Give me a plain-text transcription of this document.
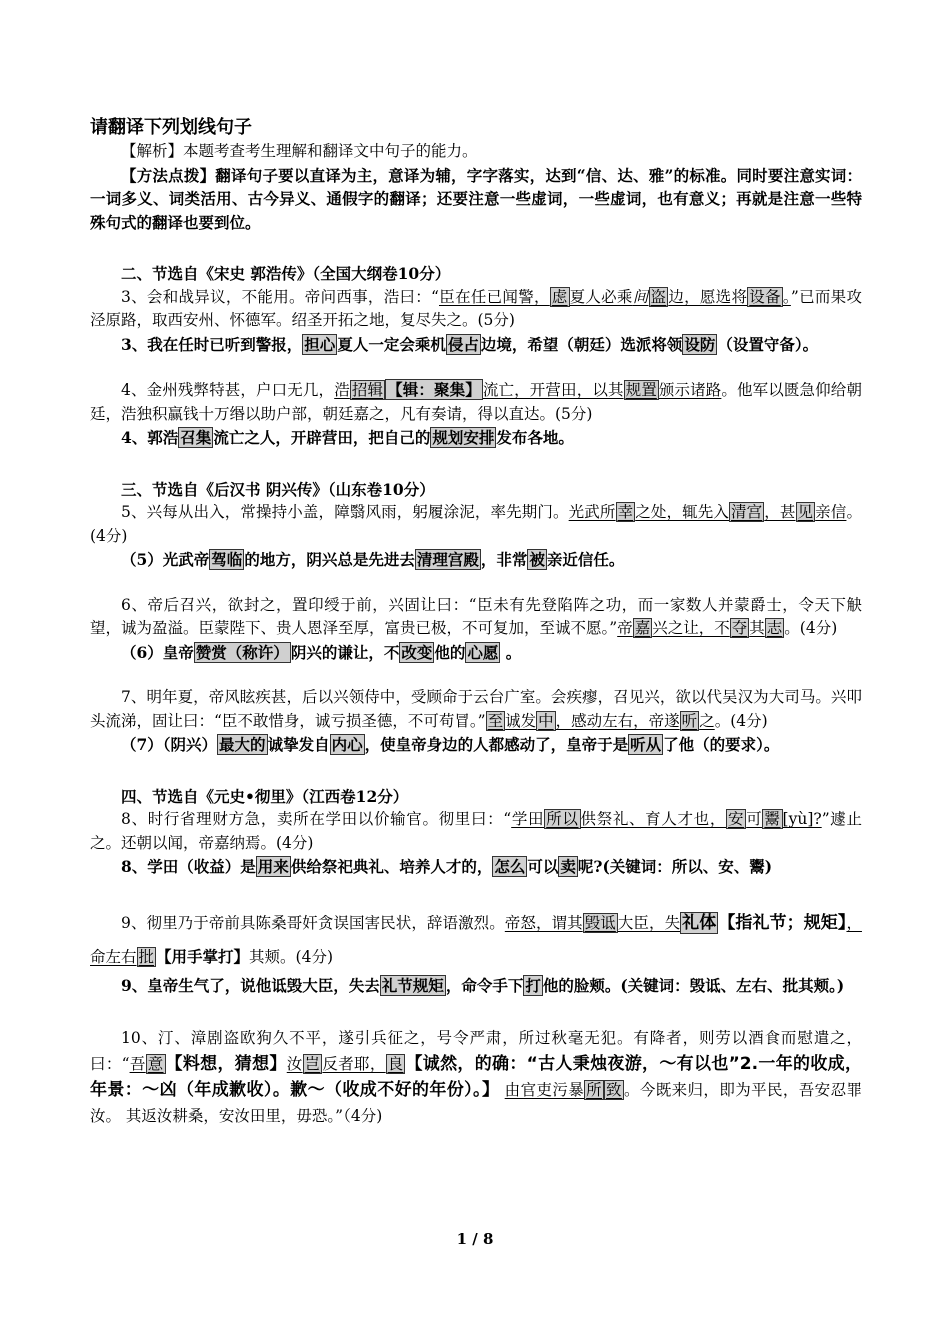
请翻译下列划线句子

【解析】本题考查考生理解和翻译文中句子的能力。

【方法点拨】翻译句子要以直译为主，意译为辅，字字落实，达到“信、达、雅”的标准。同时要注意实词：一词多义、词类活用、古今异义、通假字的翻译；还要注意一些虚词，一些虚词，也有意义；再就是注意一些特殊句式的翻译也要到位。

二、节选自《宋史 郭浩传》（全国大纲卷10分）

3、会和战异议，不能用。帝问西事，浩曰：“臣在任已闻警， 虑 夏人必乘间 盗 边，愿选将 设备 。”已而果攻泾原路，取西安州、怀德军。绍圣开拓之地，复尽失之。(5分)

3、我在任时已听到警报， 担心 夏人一定会乘机 侵占 边境，希望（朝廷）选派将领 设防 （设置守备）。

4、金州残弊特甚，户口无几，浩 招辑 【辑：聚集】 流亡，开营田，以其 规置 颁示诸路。他军以匮急仰给朝廷，浩独积赢钱十万缗以助户部，朝廷嘉之，凡有奏请，得以直达。(5分)

4、郭浩 召集 流亡之人，开辟营田，把自己的 规划安排 发布各地。

三、节选自《后汉书 阴兴传》（山东卷10分）

5、兴每从出入，常操持小盖，障翳风雨，躬履涂泥，率先期门。光武所 幸 之处，辄先入 清宫 ，甚 见 亲信。(4分)

（5）光武帝 驾临 的地方，阴兴总是先进去 清理宫殿 ，非常 被 亲近信任。

6、帝后召兴，欲封之，置印绶于前，兴固让曰：“臣未有先登陷阵之功，而一家数人并蒙爵士，令天下觖望，诚为盈溢。臣蒙陛下、贵人恩泽至厚，富贵已极，不可复加，至诚不愿。”帝 嘉 兴之让，不 夺 其 志 。(4分)

（6）皇帝 赞赏（称许） 阴兴的谦让，不 改变 他的 心愿 。

7、明年夏，帝风眩疾甚，后以兴领侍中，受顾命于云台广室。会疾瘳，召见兴，欲以代吴汉为大司马。兴叩头流涕，固让曰：“臣不敢惜身，诚亏损圣德，不可苟冒。” 至 诚发 中 ，感动左右，帝遂 听 之。(4分)

（7）（阴兴） 最大的 诚挚发自 内心 ，使皇帝身边的人都感动了，皇帝于是 听从 了他（的要求）。

四、节选自《元史•彻里》（江西卷12分）

8、时行省理财方急，卖所在学田以价输官。彻里曰：“学田 所以 供祭礼、育人才也， 安 可 鬻 [yù]?”遽止之。还朝以闻，帝嘉纳焉。(4分)

8、学田（收益）是 用来 供给祭祀典礼、培养人才的， 怎么 可以 卖 呢?(关键词：所以、安、鬻)

9、彻里乃于帝前具陈桑哥奸贪误国害民状，辞语激烈。帝怒，谓其 毁诋 大臣，失 礼体 【指礼节；规矩】，命左右 批 【用手掌打】其颊。(4分)

9、皇帝生气了，说他诋毁大臣，失去 礼节规矩 ，命令手下 打 他的脸颊。(关键词：毁诋、左右、批其颊。)

10、汀、漳剧盗欧狗久不平，遂引兵征之，号令严肃，所过秋毫无犯。有降者，则劳以酒食而慰遣之，曰：“吾 意 【料想，猜想】汝 岂 反者耶， 良 【诚然，的确：“古人秉烛夜游，～有以也”2.一年的收成，年景：～凶（年成歉收）。歉～（收成不好的年份）。】 由官吏污暴 所 致 。今既来归，即为平民，吾安忍罪汝。 其返汝耕桑，安汝田里，毋恐。”（4分)

1 / 8
